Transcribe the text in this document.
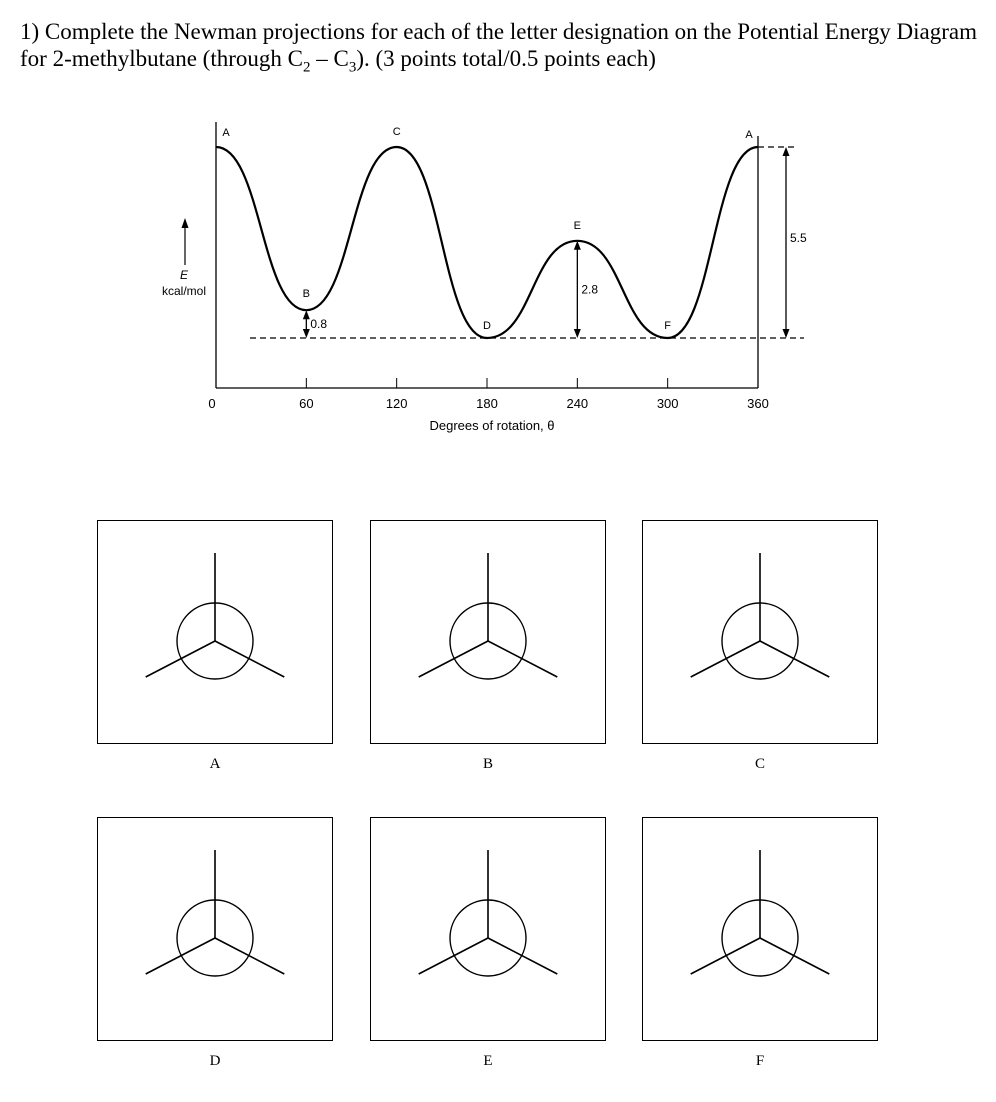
1) Complete the Newman projections for each of the letter designation on the Potential Energy Diagram for 2-methylbutane (through $C_2 - C_3$). (3 points total/0.5 points each)

E
kcal/mol
Degrees of rotation, θ
0	60	120	180	240	300	360
A
B
C
D
E
F
A
0.8
2.8
5.5
A	B	C
D	E	F
